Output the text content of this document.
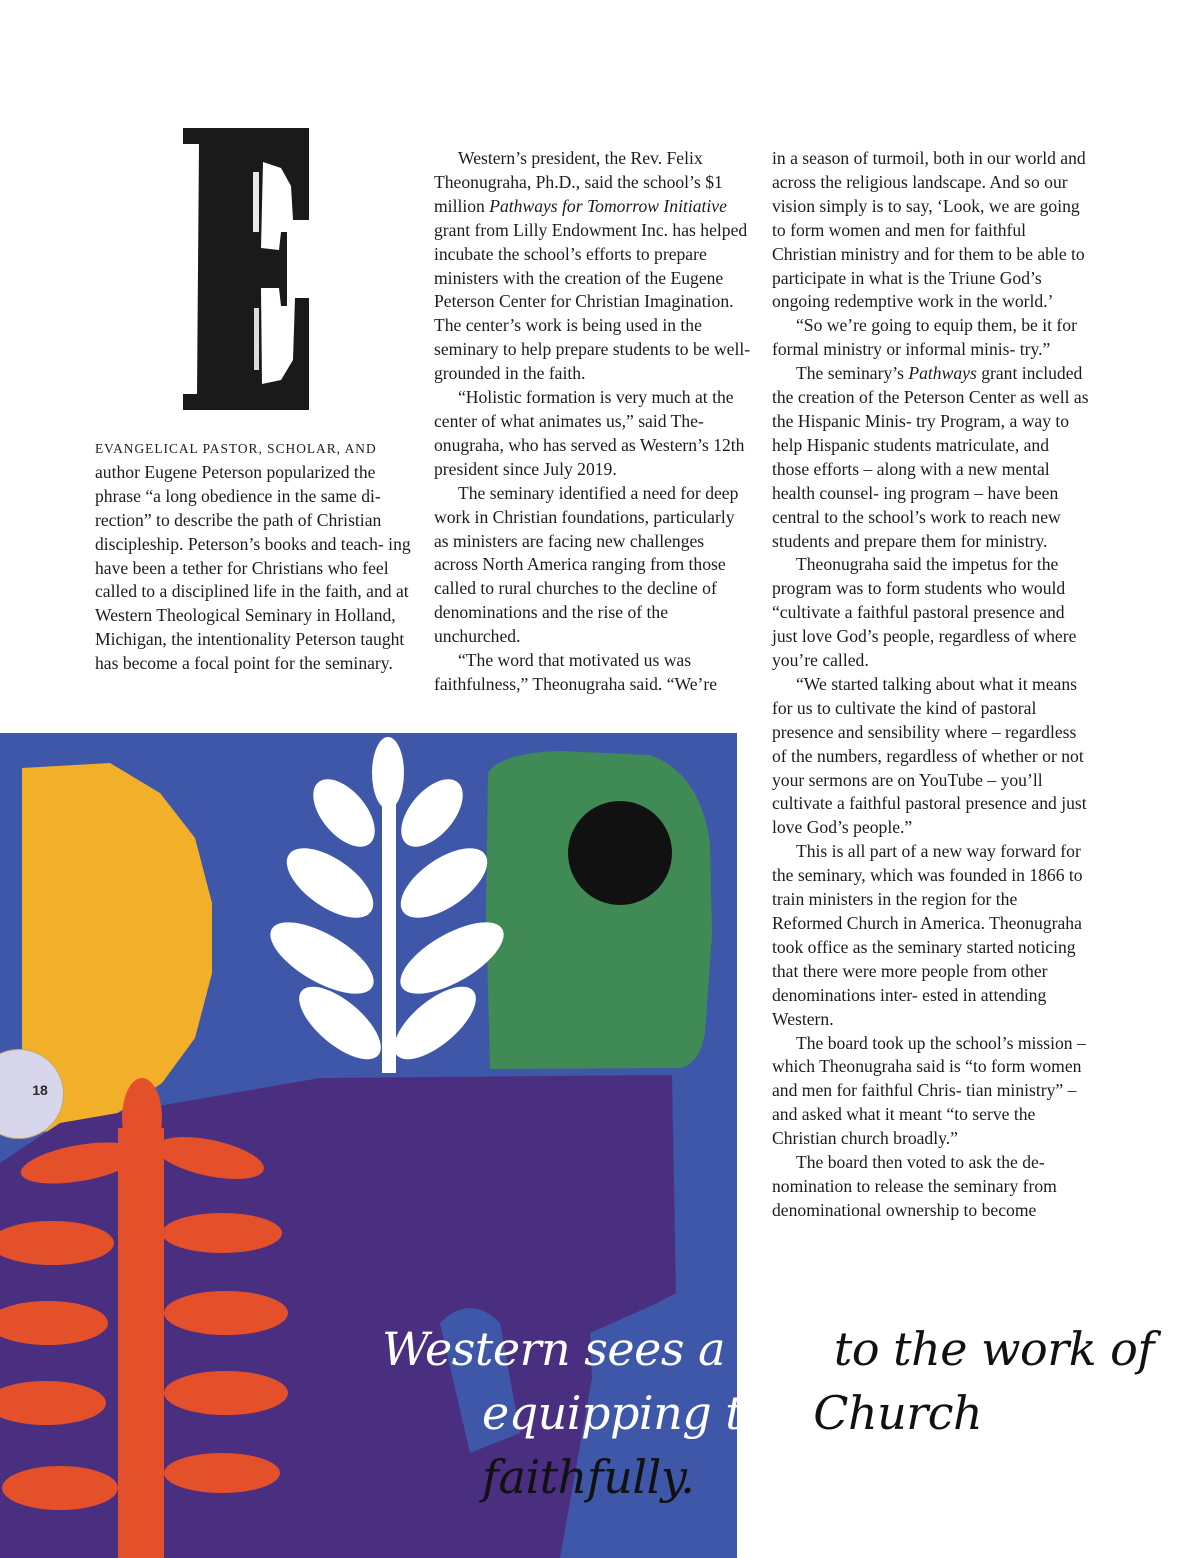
EVANGELICAL PASTOR, SCHOLAR, AND
author Eugene Peterson popularized the phrase “a long obedience in the same di- rection” to describe the path of Christian discipleship. Peterson’s books and teach- ing have been a tether for Christians who feel called to a disciplined life in the faith, and at Western Theological Seminary in Holland, Michigan, the intentionality Peterson taught has become a focal point for the seminary.

Western’s president, the Rev. Felix Theonugraha, Ph.D., said the school’s $1 million Pathways for Tomorrow Initiative grant from Lilly Endowment Inc. has helped incubate the school’s efforts to prepare ministers with the creation of the Eugene Peterson Center for Christian Imagination. The center’s work is being used in the seminary to help prepare students to be well-grounded in the faith.

“Holistic formation is very much at the center of what animates us,” said The- onugraha, who has served as Western’s 12th president since July 2019.

The seminary identified a need for deep work in Christian foundations, particularly as ministers are facing new challenges across North America ranging from those called to rural churches to the decline of denominations and the rise of the unchurched.

“The word that motivated us was faithfulness,” Theonugraha said. “We’re

in a season of turmoil, both in our world and across the religious landscape. And so our vision simply is to say, ‘Look, we are going to form women and men for faithful Christian ministry and for them to be able to participate in what is the Triune God’s ongoing redemptive work in the world.’

“So we’re going to equip them, be it for formal ministry or informal minis- try.”

The seminary’s Pathways grant included the creation of the Peterson Center as well as the Hispanic Minis- try Program, a way to help Hispanic students matriculate, and those efforts – along with a new mental health counsel- ing program – have been central to the school’s work to reach new students and prepare them for ministry.

Theonugraha said the impetus for the program was to form students who would “cultivate a faithful pastoral presence and just love God’s people, regardless of where you’re called.

“We started talking about what it means for us to cultivate the kind of pastoral presence and sensibility where – regardless of the numbers, regardless of whether or not your sermons are on YouTube – you’ll cultivate a faithful pastoral presence and just love God’s people.”

This is all part of a new way forward for the seminary, which was founded in 1866 to train ministers in the region for the Reformed Church in America. Theonugraha took office as the seminary started noticing that there were more people from other denominations inter- ested in attending Western.

The board took up the school’s mission – which Theonugraha said is “to form women and men for faithful Chris- tian ministry” – and asked what it meant “to serve the Christian church broadly.”

The board then voted to ask the de- nomination to release the seminary from denominational ownership to become

18
Western sees a call to the work of
equipping the Church faithfully.
